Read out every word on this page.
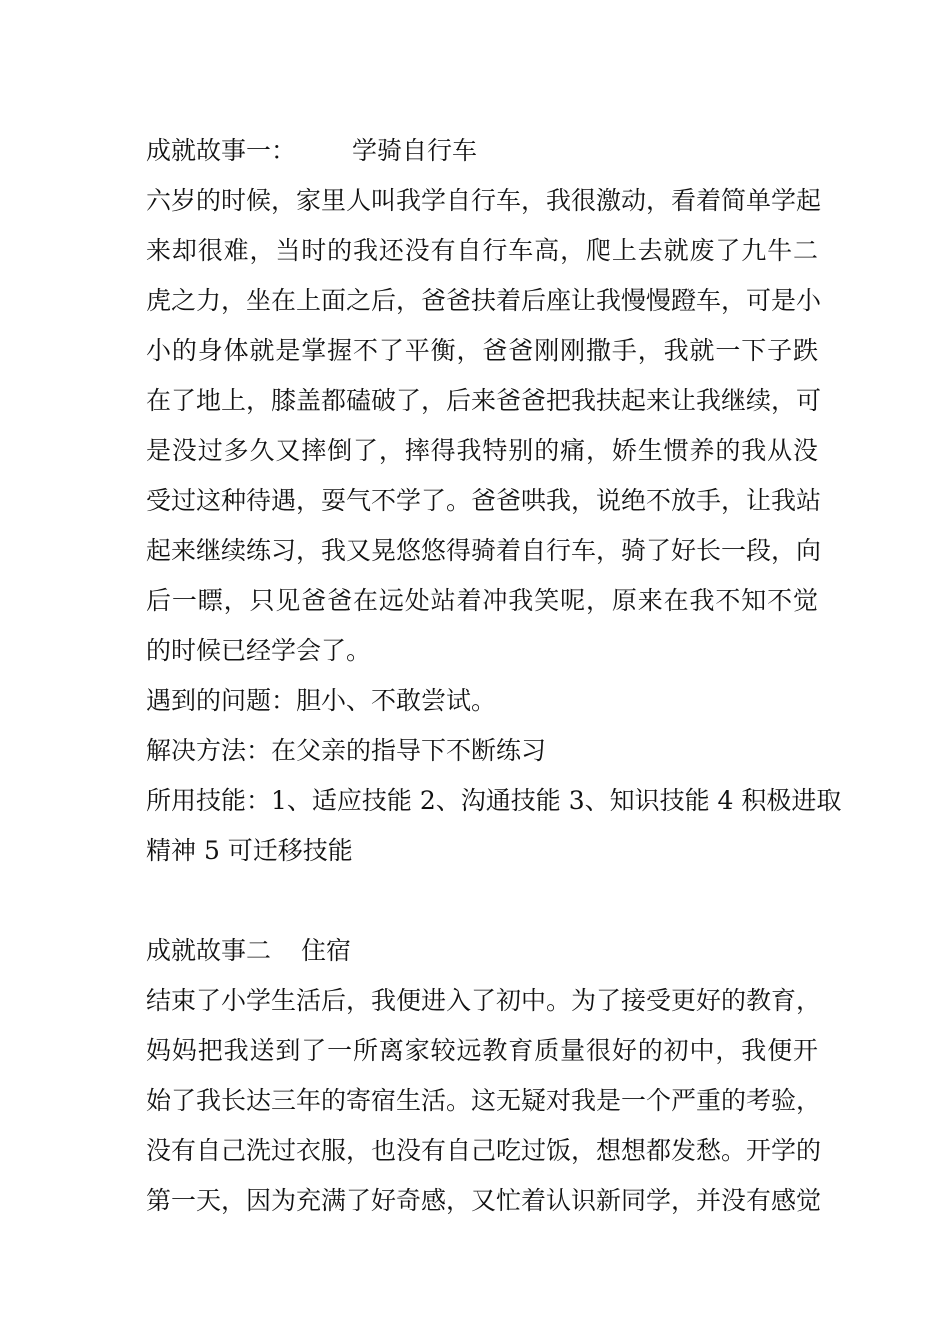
成就故事一： 学骑自行车
六岁的时候，家里人叫我学自行车，我很激动，看着简单学起
来却很难，当时的我还没有自行车高，爬上去就废了九牛二
虎之力，坐在上面之后，爸爸扶着后座让我慢慢蹬车，可是小
小的身体就是掌握不了平衡，爸爸刚刚撒手，我就一下子跌
在了地上，膝盖都磕破了，后来爸爸把我扶起来让我继续，可
是没过多久又摔倒了，摔得我特别的痛，娇生惯养的我从没
受过这种待遇，耍气不学了。爸爸哄我，说绝不放手，让我站
起来继续练习，我又晃悠悠得骑着自行车，骑了好长一段，向
后一瞟，只见爸爸在远处站着冲我笑呢，原来在我不知不觉
的时候已经学会了。
遇到的问题：胆小、不敢尝试。
解决方法：在父亲的指导下不断练习
所用技能：1、适应技能 2、沟通技能 3、知识技能 4 积极进取
精神 5 可迁移技能
成就故事二 住宿
结束了小学生活后，我便进入了初中。为了接受更好的教育，
妈妈把我送到了一所离家较远教育质量很好的初中，我便开
始了我长达三年的寄宿生活。这无疑对我是一个严重的考验，
没有自己洗过衣服，也没有自己吃过饭，想想都发愁。开学的
第一天，因为充满了好奇感，又忙着认识新同学，并没有感觉
